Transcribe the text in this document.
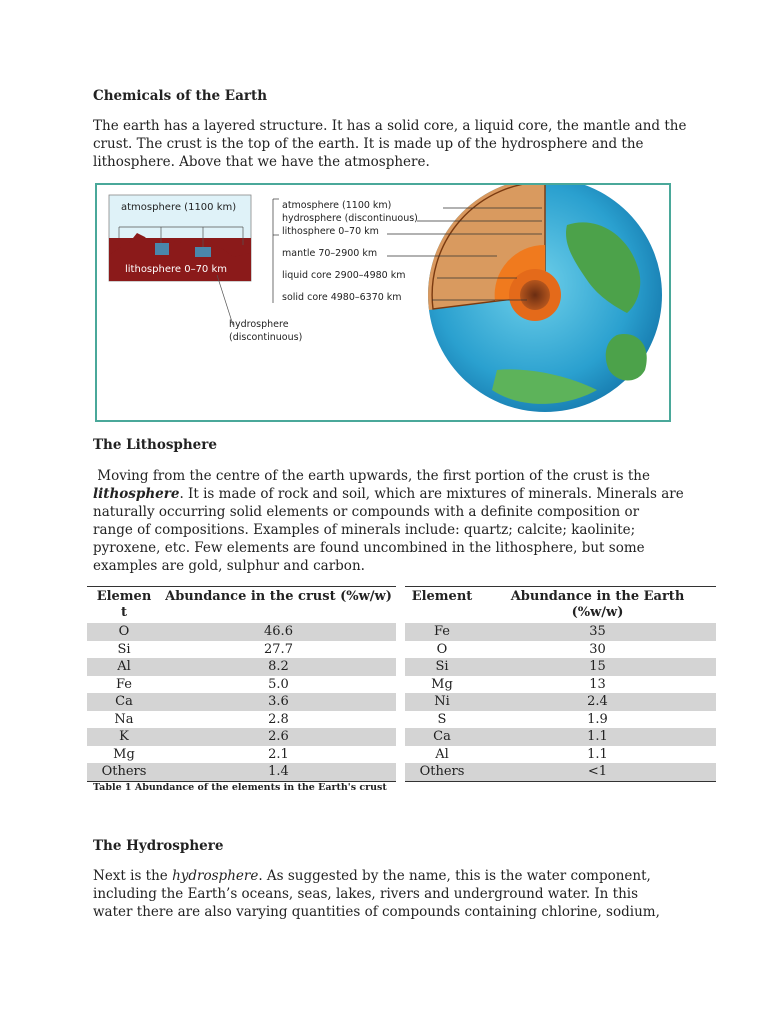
Chemicals of the Earth
The earth has a layered structure. It has a solid core, a liquid core, the mantle and the
crust. The crust is the top of the earth. It is made up of the hydrosphere and the
lithosphere. Above that we have the atmosphere.
atmosphere (1100 km)
lithosphere 0–70 km
atmosphere (1100 km)
hydrosphere (discontinuous)
lithosphere 0–70 km
mantle 70–2900 km
liquid core 2900–4980 km
solid core 4980–6370 km
hydrosphere
(discontinuous)
The Lithosphere
Moving from the centre of the earth upwards, the first portion of the crust is the
lithosphere. It is made of rock and soil, which are mixtures of minerals. Minerals are
naturally occurring solid elements or compounds with a definite composition or
range of compositions. Examples of minerals include: quartz; calcite; kaolinite;
pyroxene, etc. Few elements are found uncombined in the lithosphere, but some
examples are gold, sulphur and carbon.
Elemen
t	Abundance in the crust (%w/w)
O	46.6
Si	27.7
Al	8.2
Fe	5.0
Ca	3.6
Na	2.8
K	2.6
Mg	2.1
Others	1.4
Element	Abundance in the Earth
(%w/w)

Fe	35
O	30
Si	15
Mg	13
Ni	2.4
S	1.9
Ca	1.1
Al	1.1
Others	<1
Table 1 Abundance of the elements in the Earth's crust
The Hydrosphere
Next is the hydrosphere. As suggested by the name, this is the water component,
including the Earth’s oceans, seas, lakes, rivers and underground water. In this
water there are also varying quantities of compounds containing chlorine, sodium,
